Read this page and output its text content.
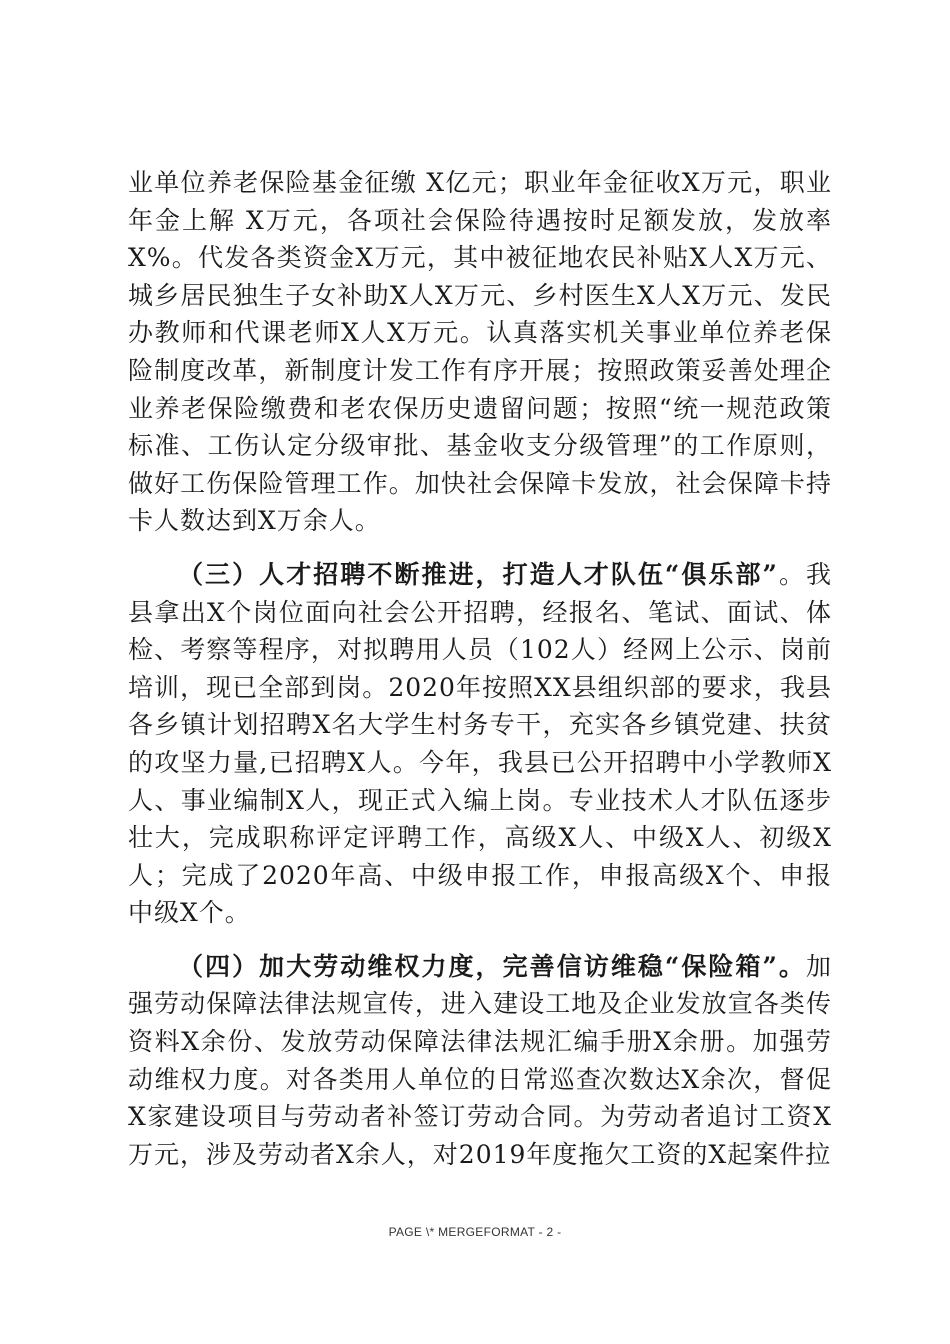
业单位养老保险基金征缴 X亿元；职业年金征收X万元，职业年金上解 X万元，各项社会保险待遇按时足额发放，发放率X%。代发各类资金X万元，其中被征地农民补贴X人X万元、城乡居民独生子女补助X人X万元、乡村医生X人X万元、发民办教师和代课老师X人X万元。认真落实机关事业单位养老保险制度改革，新制度计发工作有序开展；按照政策妥善处理企业养老保险缴费和老农保历史遗留问题；按照“统一规范政策标准、工伤认定分级审批、基金收支分级管理”的工作原则，做好工伤保险管理工作。加快社会保障卡发放，社会保障卡持卡人数达到X万余人。

（三）人才招聘不断推进，打造人才队伍“俱乐部”。我县拿出X个岗位面向社会公开招聘，经报名、笔试、面试、体检、考察等程序，对拟聘用人员（102人）经网上公示、岗前培训，现已全部到岗。2020年按照XX县组织部的要求，我县各乡镇计划招聘X名大学生村务专干，充实各乡镇党建、扶贫的攻坚力量,已招聘X人。今年，我县已公开招聘中小学教师X人、事业编制X人，现正式入编上岗。专业技术人才队伍逐步壮大，完成职称评定评聘工作，高级X人、中级X人、初级X人；完成了2020年高、中级申报工作，申报高级X个、申报中级X个。

（四）加大劳动维权力度，完善信访维稳“保险箱”。加强劳动保障法律法规宣传，进入建设工地及企业发放宣各类传资料X余份、发放劳动保障法律法规汇编手册X余册。加强劳动维权力度。对各类用人单位的日常巡查次数达X余次，督促X家建设项目与劳动者补签订劳动合同。为劳动者追讨工资X万元，涉及劳动者X余人，对2019年度拖欠工资的X起案件拉

PAGE \* MERGEFORMAT - 2 -
